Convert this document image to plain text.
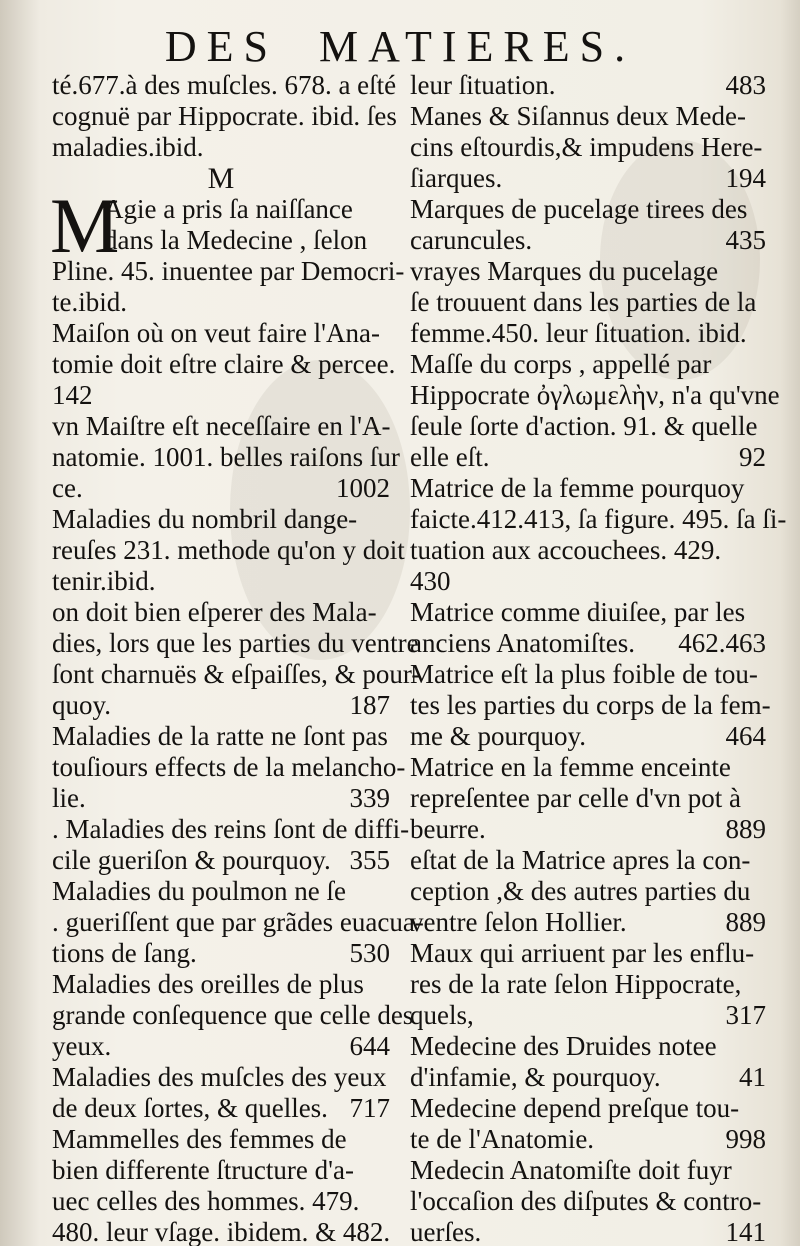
DES MATIERES.
té.677.à des muſcles. 678. a eſté
cognuë par Hippocrate. ibid. ſes
maladies.ibid.
M
M
Agie a pris ſa naiſſance
dans la Medecine , ſelon
Pline. 45. inuentee par Democri-
te.ibid.
Maiſon où on veut faire l'Ana-
tomie doit eſtre claire & percee.
142
vn Maiſtre eſt neceſſaire en l'A-
natomie. 1001. belles raiſons ſur
ce.	1002
Maladies du nombril dange-
reuſes 231. methode qu'on y doit
tenir.ibid.
on doit bien eſperer des Mala-
dies, lors que les parties du ventre
ſont charnuës & eſpaiſſes, & pour-
quoy.	187
Maladies de la ratte ne ſont pas
touſiours effects de la melancho-
lie.	339
. Maladies des reins ſont de diffi-
cile gueriſon & pourquoy. 355
Maladies du poulmon ne ſe
. gueriſſent que par grãdes euacua-
tions de ſang.	530
Maladies des oreilles de plus
grande conſequence que celle des
yeux.	644
Maladies des muſcles des yeux
de deux ſortes, & quelles. 717
Mammelles des femmes de
bien differente ſtructure d'a-
uec celles des hommes. 479.
480. leur vſage. ibidem. & 482.
leur ſituation.	483
Manes & Siſannus deux Mede-
cins eſtourdis,& impudens Here-
ſiarques.	194
Marques de pucelage tirees des
caruncules.	435
vrayes Marques du pucelage
ſe trouuent dans les parties de la
femme.450. leur ſituation. ibid.
Maſſe du corps , appellé par
Hippocrate ὀγλωμελὴν, n'a qu'vne
ſeule ſorte d'action. 91. & quelle
elle eſt.	92
Matrice de la femme pourquoy
faicte.412.413, ſa figure. 495. ſa ſi-
tuation aux accouchees. 429.
430
Matrice comme diuiſee, par les
anciens Anatomiſtes. 462.463
Matrice eſt la plus foible de tou-
tes les parties du corps de la fem-
me & pourquoy.	464
Matrice en la femme enceinte
repreſentee par celle d'vn pot à
beurre.	889
eſtat de la Matrice apres la con-
ception ,& des autres parties du
ventre ſelon Hollier.	889
Maux qui arriuent par les enflu-
res de la rate ſelon Hippocrate,
quels,	317
Medecine des Druides notee
d'infamie, & pourquoy.	41
Medecine depend preſque tou-
te de l'Anatomie.	998
Medecin Anatomiſte doit fuyr
l'occaſion des diſputes & contro-
uerſes.	141
